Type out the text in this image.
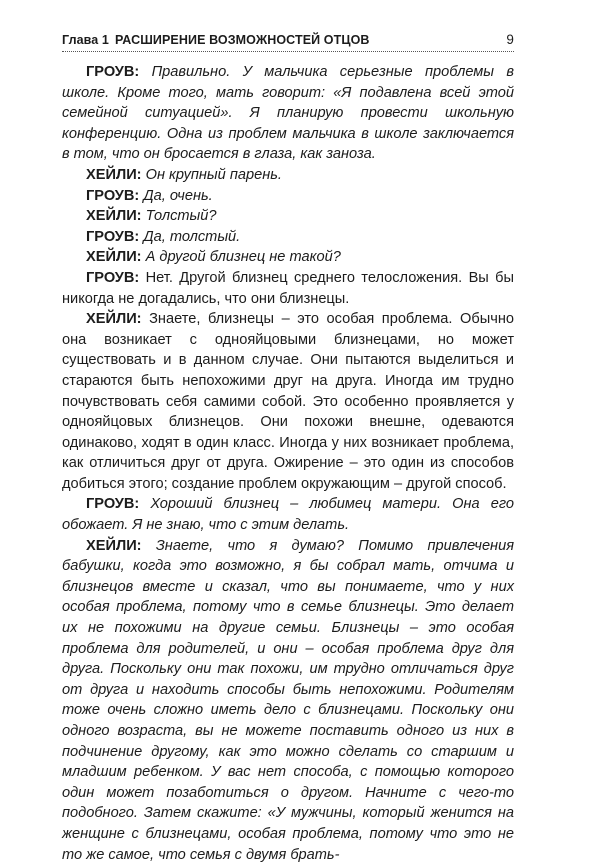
Глава 1 РАСШИРЕНИЕ ВОЗМОЖНОСТЕЙ ОТЦОВ	9

ГРОУВ: Правильно. У мальчика серьезные проблемы в школе. Кроме того, мать говорит: «Я подавлена всей этой семейной ситуацией». Я планирую провести школьную конференцию. Одна из проблем мальчика в школе заключается в том, что он бросается в глаза, как заноза.

ХЕЙЛИ: Он крупный парень.

ГРОУВ: Да, очень.

ХЕЙЛИ: Толстый?

ГРОУВ: Да, толстый.

ХЕЙЛИ: А другой близнец не такой?

ГРОУВ: Нет. Другой близнец среднего телосложения. Вы бы никогда не догадались, что они близнецы.

ХЕЙЛИ: Знаете, близнецы – это особая проблема. Обычно она возникает с однояйцовыми близнецами, но может существовать и в данном случае. Они пытаются выделиться и стараются быть непохожими друг на друга. Иногда им трудно почувствовать себя самими собой. Это особенно проявляется у однояйцовых близнецов. Они похожи внешне, одеваются одинаково, ходят в один класс. Иногда у них возникает проблема, как отличиться друг от друга. Ожирение – это один из способов добиться этого; создание проблем окружающим – другой способ.

ГРОУВ: Хороший близнец – любимец матери. Она его обожает. Я не знаю, что с этим делать.

ХЕЙЛИ: Знаете, что я думаю? Помимо привлечения бабушки, когда это возможно, я бы собрал мать, отчима и близнецов вместе и сказал, что вы понимаете, что у них особая проблема, потому что в семье близнецы. Это делает их не похожими на другие семьи. Близнецы – это особая проблема для родителей, и они – особая проблема друг для друга. Поскольку они так похожи, им трудно отличаться друг от друга и находить способы быть непохожими. Родителям тоже очень сложно иметь дело с близнецами. Поскольку они одного возраста, вы не можете поставить одного из них в подчинение другому, как это можно сделать со старшим и младшим ребенком. У вас нет способа, с помощью которого один может позаботиться о другом. Начните с чего-то подобного. Затем скажите: «У мужчины, который женится на женщине с близнецами, особая проблема, потому что это не то же самое, что семья с двумя брать-
